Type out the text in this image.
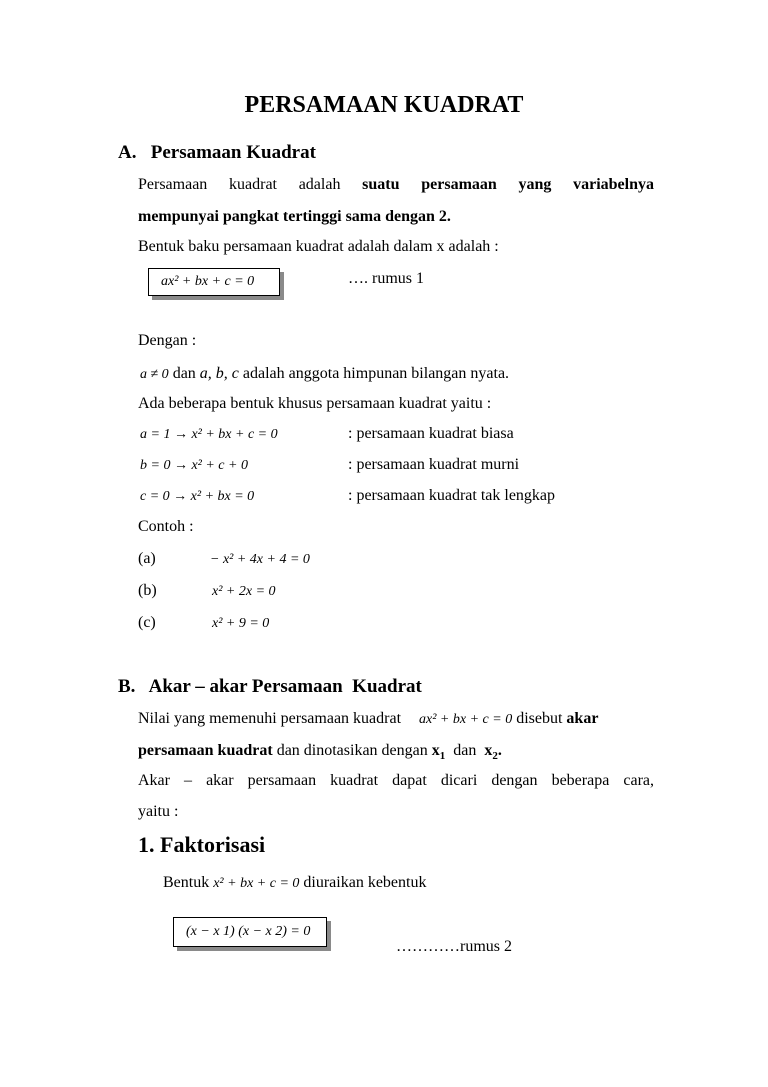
PERSAMAAN KUADRAT
A.   Persamaan Kuadrat
Persamaan kuadrat adalah suatu persamaan yang variabelnya
mempunyai pangkat tertinggi sama dengan 2.
Bentuk baku persamaan kuadrat adalah dalam x adalah :
ax² + bx + c = 0	…. rumus 1
Dengan :
a ≠ 0 dan a, b, c adalah anggota himpunan bilangan nyata.
Ada beberapa bentuk khusus persamaan kuadrat yaitu :
a = 1 → x² + bx + c = 0	: persamaan kuadrat biasa
b = 0 → x² + c + 0	: persamaan kuadrat murni
c = 0 → x² + bx = 0	: persamaan kuadrat tak lengkap
Contoh :
(a)	− x² + 4x + 4 = 0
(b)	x² + 2x = 0
(c)	x² + 9 = 0
B.   Akar – akar Persamaan  Kuadrat
Nilai yang memenuhi persamaan kuadrat ax² + bx + c = 0 disebut akar
persamaan kuadrat dan dinotasikan dengan $x_1$ dan $x_2$.
Akar – akar persamaan kuadrat dapat dicari dengan beberapa cara,
yaitu :
1. Faktorisasi
Bentuk x² + bx + c = 0 diuraikan kebentuk
(x − x 1) (x − x 2) = 0
…………rumus 2
